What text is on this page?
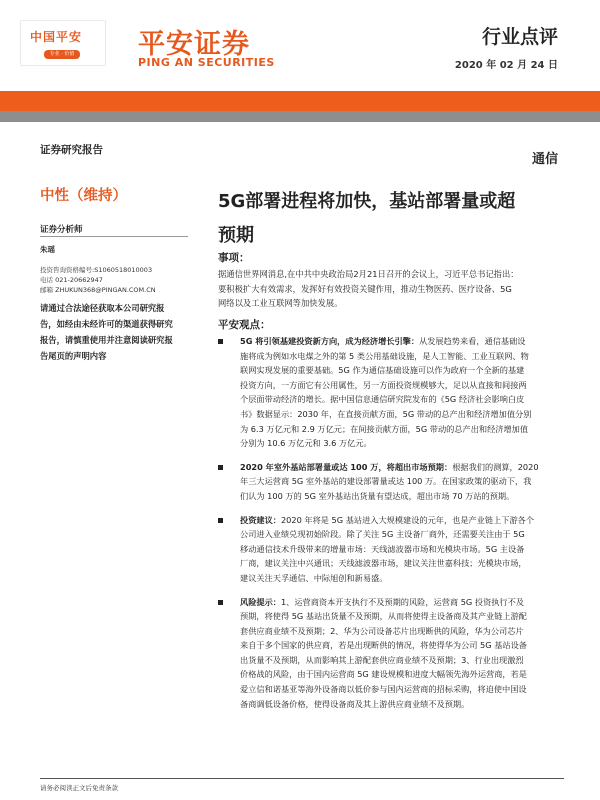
中国平安
专业 · 价值 平安证券
PING AN SECURITIES
行业点评
2020 年 02 月 24 日
证券研究报告
中性（维持）
证券分析师
朱瑶
投资咨询资格编号:S1060518010003
电话 021-20662947
邮箱 ZHUKUN368@PINGAN.COM.CN
请通过合法途径获取本公司研究报
告，如经由未经许可的渠道获得研究
报告，请慎重使用并注意阅读研究报
告尾页的声明内容
通信
5G部署进程将加快，基站部署量或超
预期
事项：
据通信世界网消息,在中共中央政治局2月21日召开的会议上，习近平总书记指出：
要积极扩大有效需求，发挥好有效投资关键作用，推动生物医药、医疗设备、5G
网络以及工业互联网等加快发展。
平安观点：
5G 将引领基建投资新方向，成为经济增长引擎：从发展趋势来看，通信基础设
施将成为例如水电煤之外的第 5 类公用基础设施，是人工智能、工业互联网、物
联网实现发展的重要基础。5G 作为通信基础设施可以作为政府一个全新的基建
投资方向，一方面它有公用属性，另一方面投资规模够大，足以从直接和间接两
个层面带动经济的增长。据中国信息通信研究院发布的《5G 经济社会影响白皮
书》数据显示：2030 年，在直接贡献方面，5G 带动的总产出和经济增加值分别
为 6.3 万亿元和 2.9 万亿元；在间接贡献方面，5G 带动的总产出和经济增加值
分别为 10.6 万亿元和 3.6 万亿元。
2020 年室外基站部署量或达 100 万，将超出市场预期：根据我们的测算，2020
年三大运营商 5G 室外基站的建设部署量或达 100 万。在国家政策的驱动下，我
们认为 100 万的 5G 室外基站出货量有望达成，超出市场 70 万站的预期。
投资建议：2020 年将是 5G 基站进入大规模建设的元年，也是产业链上下游各个
公司进入业绩兑现初始阶段。除了关注 5G 主设备厂商外，还需要关注由于 5G
移动通信技术升级带来的增量市场：天线滤波器市场和光模块市场。5G 主设备
厂商，建议关注中兴通讯；天线滤波器市场，建议关注世嘉科技；光模块市场，
建议关注天孚通信、中际旭创和新易盛。
风险提示：1、运营商资本开支执行不及预期的风险，运营商 5G 投资执行不及
预期，将使得 5G 基站出货量不及预期，从而将使得主设备商及其产业链上游配
套供应商业绩不及预期；2、华为公司设备芯片出现断供的风险，华为公司芯片
来自于多个国家的供应商，若是出现断供的情况，将使得华为公司 5G 基站设备
出货量不及预期，从而影响其上游配套供应商业绩不及预期；3、行业出现激烈
价格战的风险，由于国内运营商 5G 建设规模和进度大幅领先海外运营商，若是
爱立信和诺基亚等海外设备商以低价参与国内运营商的招标采购，将迫使中国设
备商调低设备价格，使得设备商及其上游供应商业绩不及预期。
请务必阅读正文后免责条款
